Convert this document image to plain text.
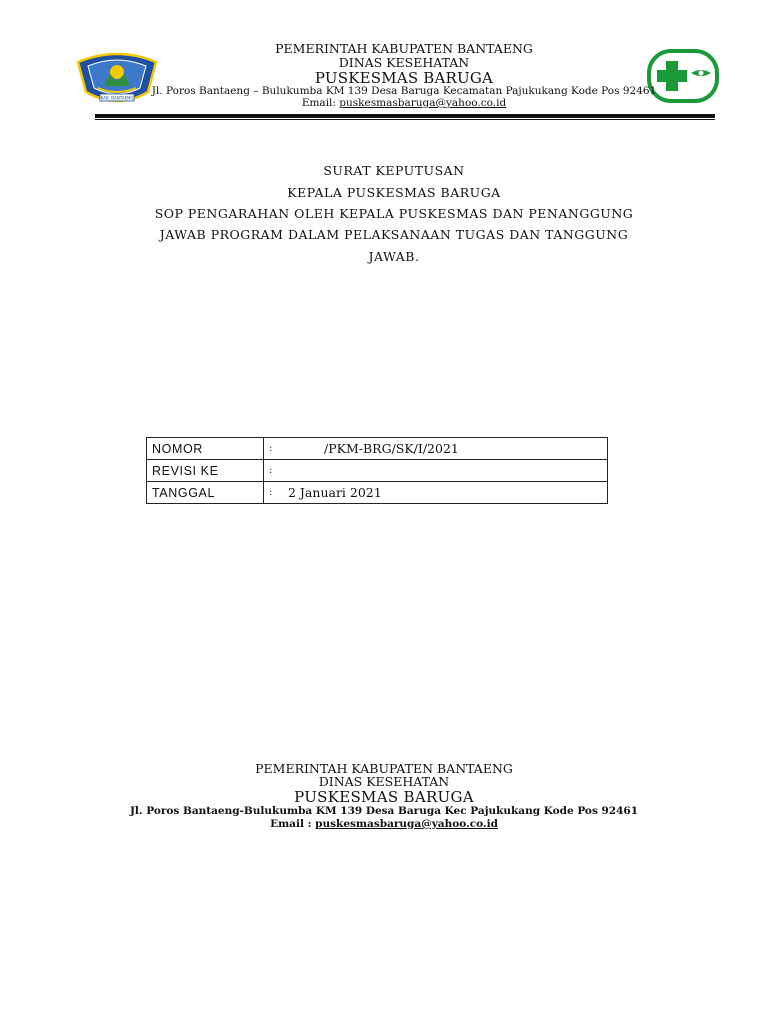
KAB. BANTAENG
PEMERINTAH KABUPATEN BANTAENG
DINAS KESEHATAN
PUSKESMAS BARUGA
Jl. Poros Bantaeng – Bulukumba KM 139 Desa Baruga Kecamatan Pajukukang Kode Pos 92461
Email: puskesmasbaruga@yahoo.co.id
SURAT KEPUTUSAN
KEPALA PUSKESMAS BARUGA
SOP PENGARAHAN OLEH KEPALA PUSKESMAS DAN PENANGGUNG
JAWAB PROGRAM DALAM PELAKSANAAN TUGAS DAN TANGGUNG
JAWAB.
NOMOR	:	/PKM-BRG/SK/I/2021
REVISI KE	:	
TANGGAL	:	2 Januari 2021
PEMERINTAH KABUPATEN BANTAENG
DINAS KESEHATAN
PUSKESMAS BARUGA
Jl. Poros Bantaeng-Bulukumba KM 139 Desa Baruga Kec Pajukukang Kode Pos 92461
Email : puskesmasbaruga@yahoo.co.id
